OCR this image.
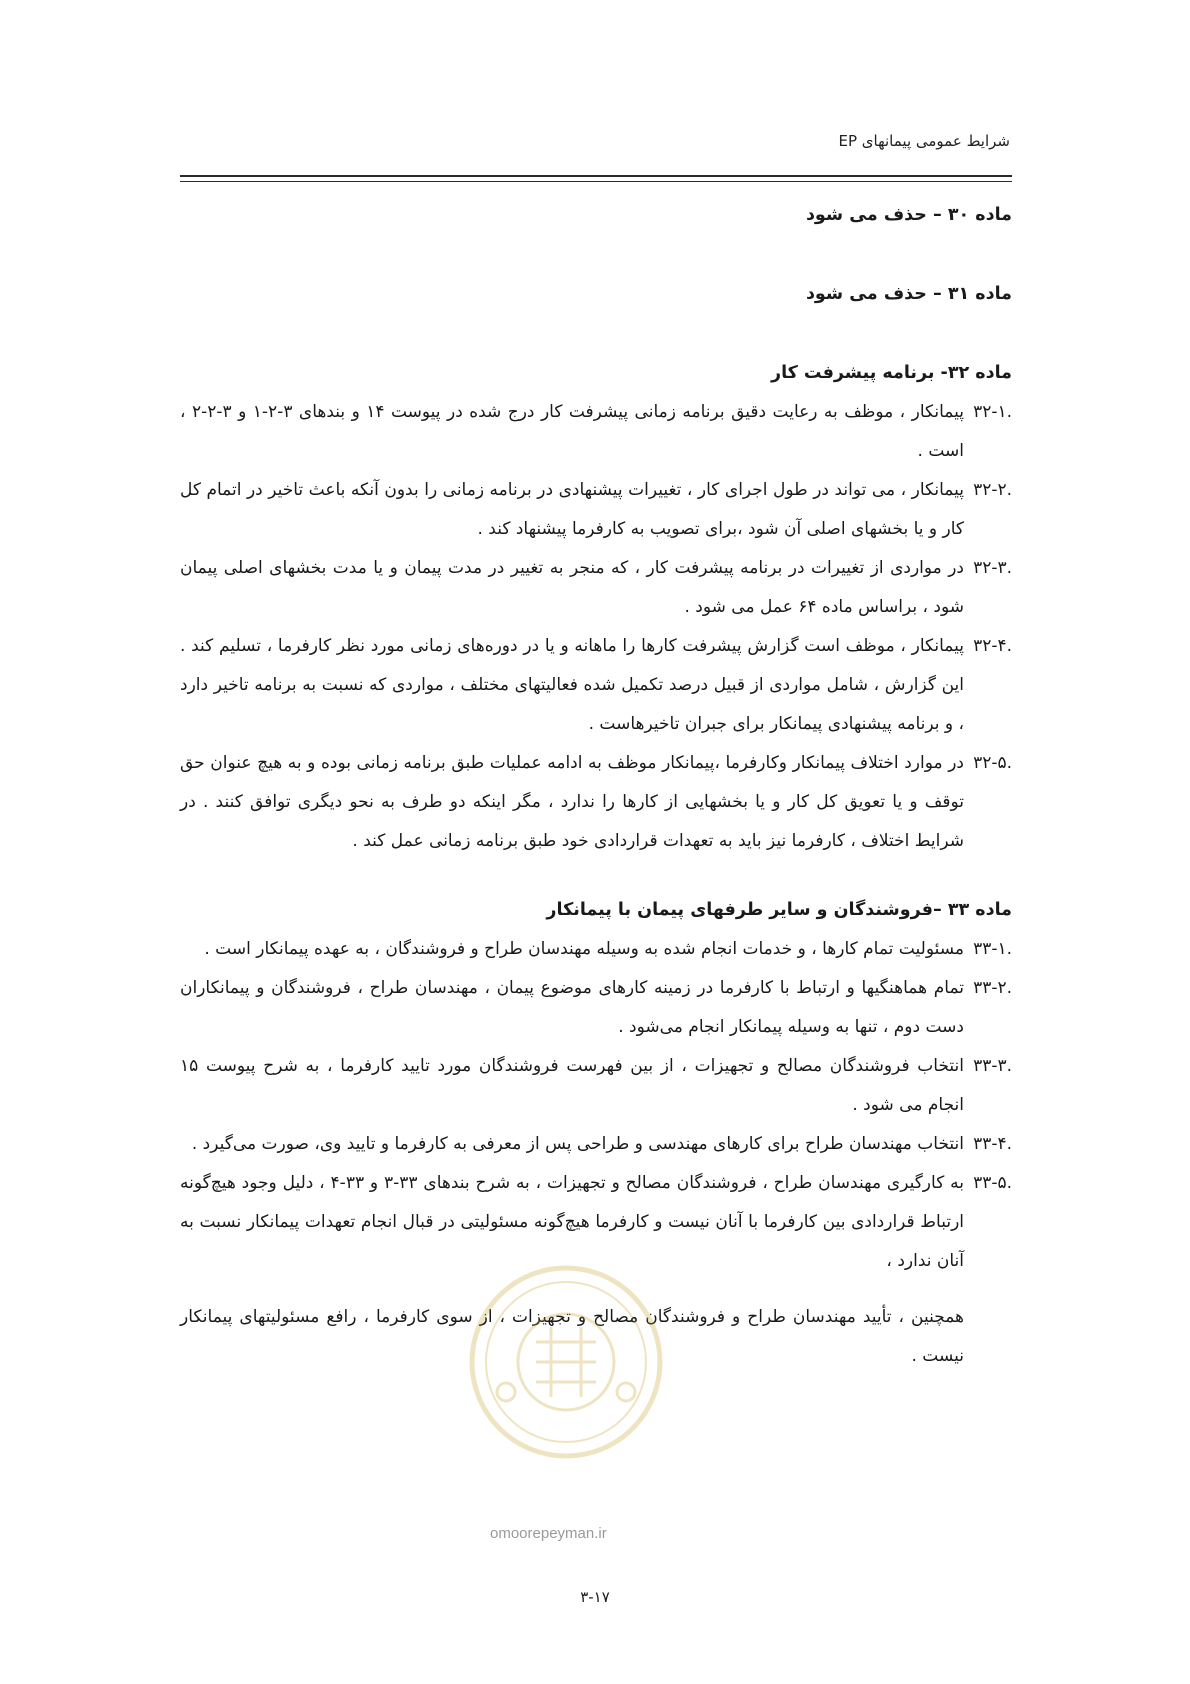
شرایط عمومی پیمانهای EP

ماده ۳۰ – حذف می شود

ماده ۳۱ – حذف می شود

ماده ۳۲- برنامه پیشرفت کار

۳۲-۱.
پیمانکار ، موظف به رعایت دقیق برنامه زمانی پیشرفت کار درج شده در پیوست ۱۴ و بندهای ۳-۲-۱ و ۳-۲-۲ ، است .
۳۲-۲.
پیمانکار ، می تواند در طول اجرای کار ، تغییرات پیشنهادی در برنامه زمانی را بدون آنکه باعث تاخیر در اتمام کل کار و یا بخشهای اصلی آن شود ،برای تصویب به کارفرما پیشنهاد کند .
۳۲-۳.
در مواردی از تغییرات در برنامه پیشرفت کار ، که منجر به تغییر در مدت پیمان و یا مدت بخشهای اصلی پیمان شود ، براساس ماده ۶۴ عمل می شود .
۳۲-۴.
پیمانکار ، موظف است گزارش پیشرفت کارها را ماهانه و یا در دوره‌های زمانی مورد نظر کارفرما ، تسلیم کند . این گزارش ، شامل مواردی از قبیل درصد تکمیل شده فعالیتهای مختلف ، مواردی که نسبت به برنامه تاخیر دارد ، و برنامه پیشنهادی پیمانکار برای جبران تاخیرهاست .
۳۲-۵.
در موارد اختلاف پیمانکار وکارفرما ،پیمانکار موظف به ادامه عملیات طبق برنامه زمانی بوده و به هیچ عنوان حق توقف و یا تعویق کل کار و یا بخشهایی از کارها را ندارد ، مگر اینکه دو طرف به نحو دیگری توافق کنند . در شرایط اختلاف ، کارفرما نیز باید به تعهدات قراردادی خود طبق برنامه زمانی عمل کند .

ماده ۳۳ –فروشندگان و سایر طرفهای پیمان با پیمانکار

۳۳-۱.
مسئولیت تمام کارها ، و خدمات انجام شده به وسیله مهندسان طراح و فروشندگان ، به عهده پیمانکار است .
۳۳-۲.
تمام هماهنگیها و ارتباط با کارفرما در زمینه کارهای موضوع پیمان ، مهندسان طراح ، فروشندگان و پیمانکاران دست دوم ، تنها به وسیله پیمانکار انجام می‌شود .
۳۳-۳.
انتخاب فروشندگان مصالح و تجهیزات ، از بین فهرست فروشندگان مورد تایید کارفرما ، به شرح پیوست ۱۵ انجام می شود .
۳۳-۴.
انتخاب مهندسان طراح برای کارهای مهندسی و طراحی پس از معرفی به کارفرما و تایید وی، صورت می‌گیرد .
۳۳-۵.
به کارگیری مهندسان طراح ، فروشندگان مصالح و تجهیزات ، به شرح بندهای ۳۳-۳ و ۳۳-۴ ، دلیل وجود هیچ‌گونه ارتباط قراردادی بین کارفرما با آنان نیست و کارفرما هیچ‌گونه مسئولیتی در قبال انجام تعهدات پیمانکار نسبت به آنان ندارد ،

همچنین ، تأیید مهندسان طراح و فروشندگان مصالح و تجهیزات ، از سوی کارفرما ، رافع مسئولیتهای پیمانکار نیست .

omoorepeyman.ir
۳-۱۷
